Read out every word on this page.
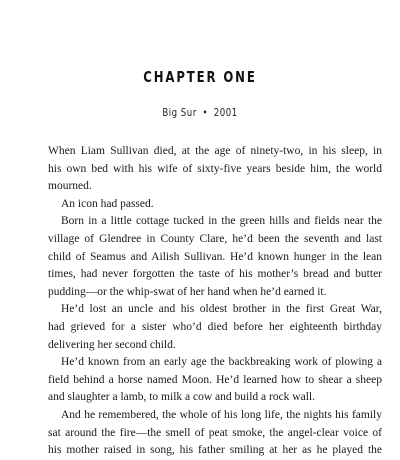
CHAPTER ONE
Big Sur • 2001
When Liam Sullivan died, at the age of ninety-two, in his sleep, in
his own bed with his wife of sixty-five years beside him, the world
mourned.
An icon had passed.
Born in a little cottage tucked in the green hills and fields near the
village of Glendree in County Clare, he’d been the seventh and last
child of Seamus and Ailish Sullivan. He’d known hunger in the lean
times, had never forgotten the taste of his mother’s bread and butter
pudding—or the whip-swat of her hand when he’d earned it.
He’d lost an uncle and his oldest brother in the first Great War,
had grieved for a sister who’d died before her eighteenth birthday
delivering her second child.
He’d known from an early age the backbreaking work of plowing a
field behind a horse named Moon. He’d learned how to shear a sheep
and slaughter a lamb, to milk a cow and build a rock wall.
And he remembered, the whole of his long life, the nights his family
sat around the fire—the smell of peat smoke, the angel-clear voice of
his mother raised in song, his father smiling at her as he played the
